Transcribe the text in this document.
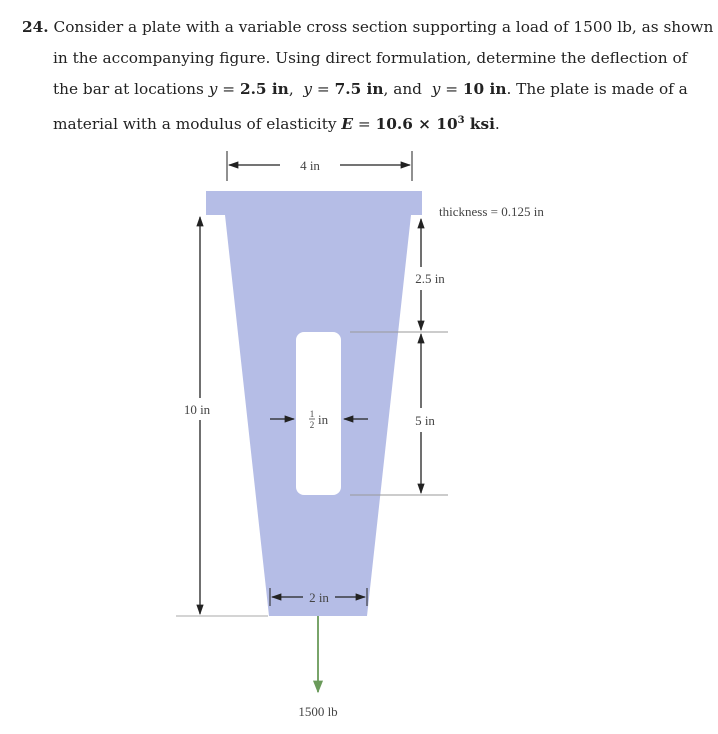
24. Consider a plate with a variable cross section supporting a load of 1500 lb, as shown
in the accompanying figure. Using direct formulation, determine the deflection of
the bar at locations y = 2.5 in,  y = 7.5 in, and  y = 10 in. The plate is made of a
material with a modulus of elasticity $E = 10.6 \times 10^3$ ksi.

4 in
thickness = 0.125 in
10 in
2.5 in
5 in
1
2 in
2 in
1500 lb
